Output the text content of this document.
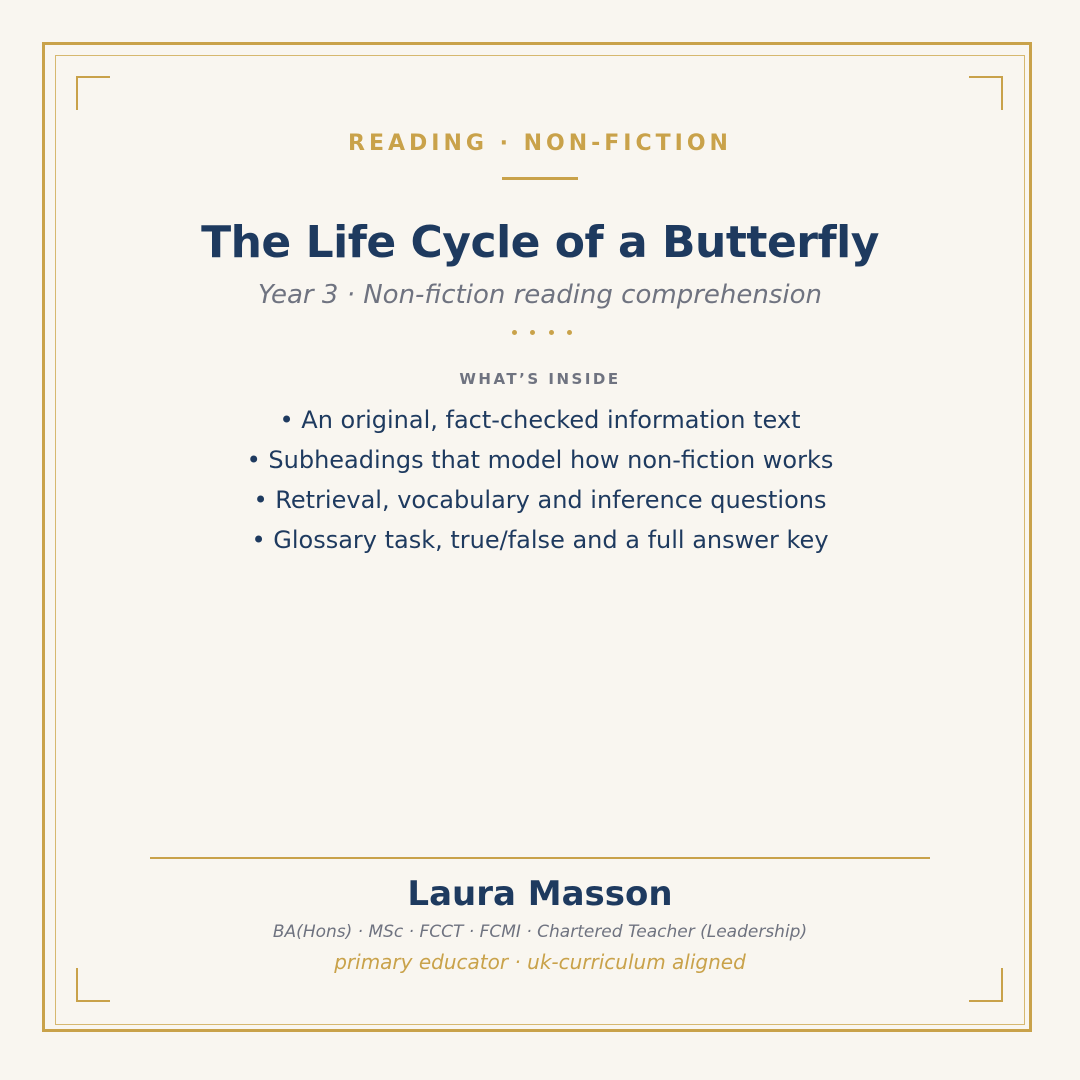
READING · NON-FICTION
The Life Cycle of a Butterfly
Year 3 · Non-fiction reading comprehension
WHAT’S INSIDE
• An original, fact-checked information text
• Subheadings that model how non-fiction works
• Retrieval, vocabulary and inference questions
• Glossary task, true/false and a full answer key
Laura Masson
BA(Hons) · MSc · FCCT · FCMI · Chartered Teacher (Leadership)
primary educator · uk-curriculum aligned
